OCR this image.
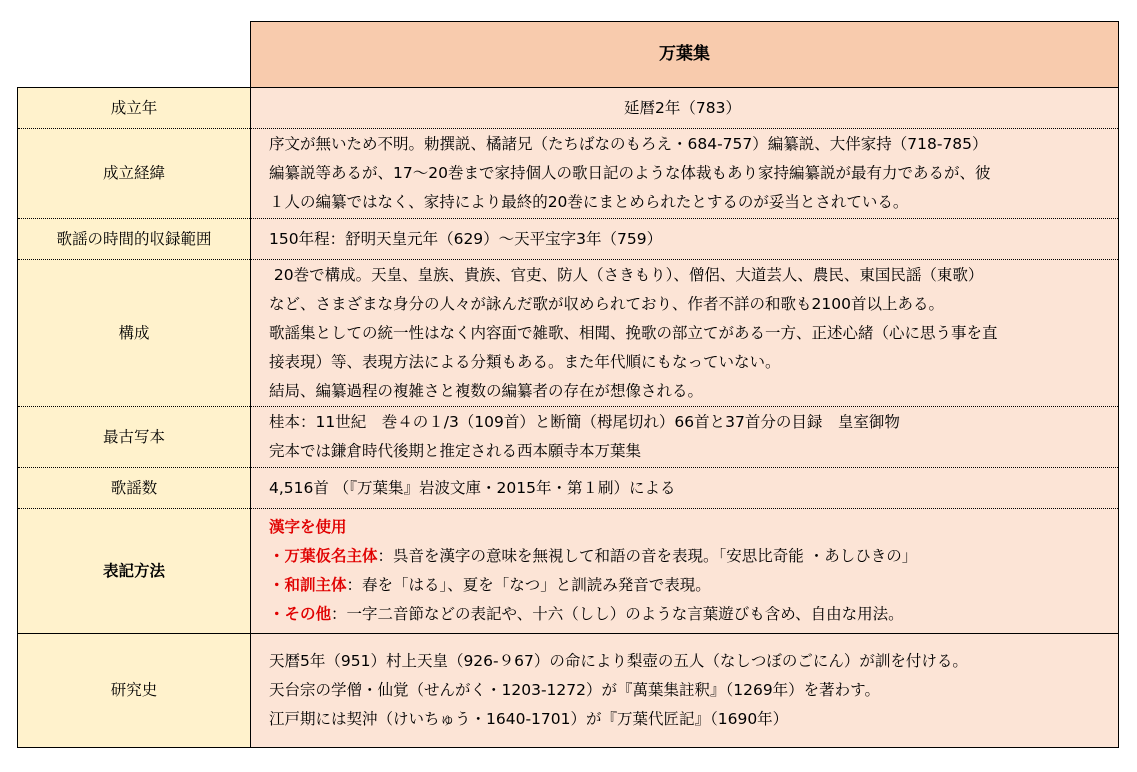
	万葉集
成立年	延暦2年（783）
成立経緯	序文が無いため不明。勅撰説、橘諸兄（たちばなのもろえ・684-757）編纂説、大伴家持（718-785）
編纂説等あるが、17～20巻まで家持個人の歌日記のような体裁もあり家持編纂説が最有力であるが、彼
１人の編纂ではなく、家持により最終的20巻にまとめられたとするのが妥当とされている。

歌謡の時間的収録範囲	150年程：舒明天皇元年（629）～天平宝字3年（759）
構成	20巻で構成。天皇、皇族、貴族、官吏、防人（さきもり）、僧侶、大道芸人、農民、東国民謡（東歌）
など、さまざまな身分の人々が詠んだ歌が収められており、作者不詳の和歌も2100首以上ある。
歌謡集としての統一性はなく内容面で雑歌、相聞、挽歌の部立てがある一方、正述心緒（心に思う事を直
接表現）等、表現方法による分類もある。また年代順にもなっていない。
結局、編纂過程の複雑さと複数の編纂者の存在が想像される。

最古写本	桂本：11世紀　巻４の１/3（109首）と断簡（栂尾切れ）66首と37首分の目録　皇室御物
完本では鎌倉時代後期と推定される西本願寺本万葉集

歌謡数	4,516首 （『万葉集』岩波文庫・2015年・第１刷）による
表記方法	漢字を使用
・万葉仮名主体：呉音を漢字の意味を無視して和語の音を表現。「安思比奇能 ・あしひきの」
・和訓主体：春を「はる」、夏を「なつ」と訓読み発音で表現。
・その他：一字二音節などの表記や、十六（しし）のような言葉遊びも含め、自由な用法。

研究史	天暦5年（951）村上天皇（926-９67）の命により梨壺の五人（なしつぼのごにん）が訓を付ける。
天台宗の学僧・仙覚（せんがく・1203-1272）が『萬葉集註釈』（1269年）を著わす。
江戸期には契沖（けいちゅう・1640-1701）が『万葉代匠記』（1690年）
